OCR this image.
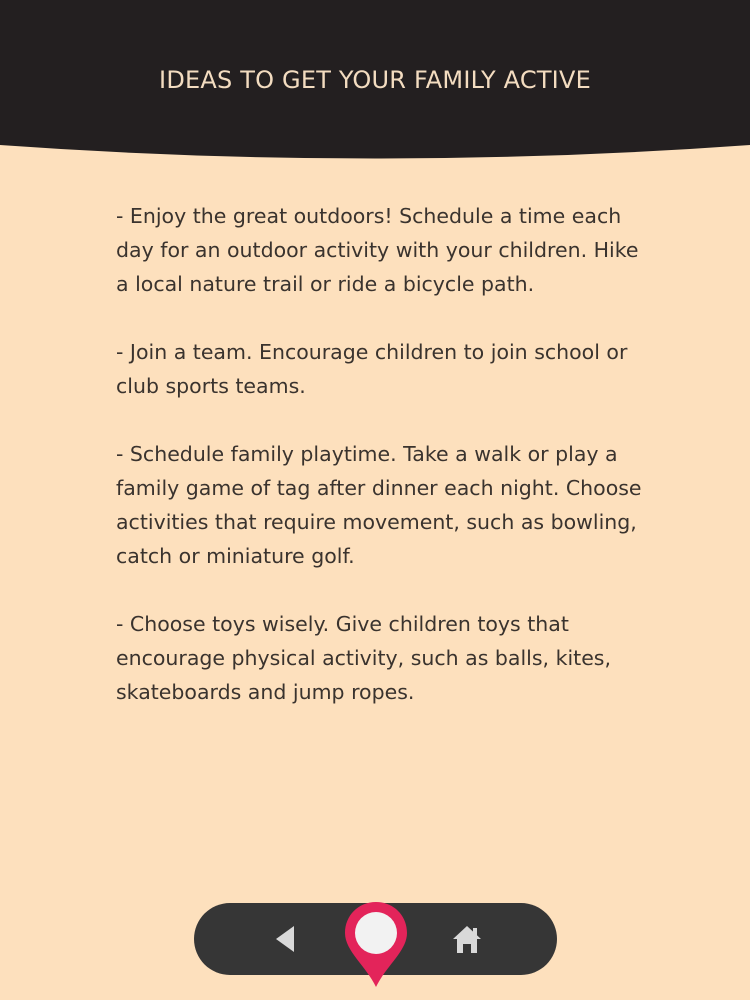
IDEAS TO GET YOUR FAMILY ACTIVE

- Enjoy the great outdoors! Schedule a time each day for an outdoor activity with your children. Hike a local nature trail or ride a bicycle path.

- Join a team. Encourage children to join school or club sports teams.

- Schedule family playtime. Take a walk or play a family game of tag after dinner each night. Choose activities that require movement, such as bowling, catch or miniature golf.

- Choose toys wisely. Give children toys that encourage physical activity, such as balls, kites, skateboards and jump ropes.
